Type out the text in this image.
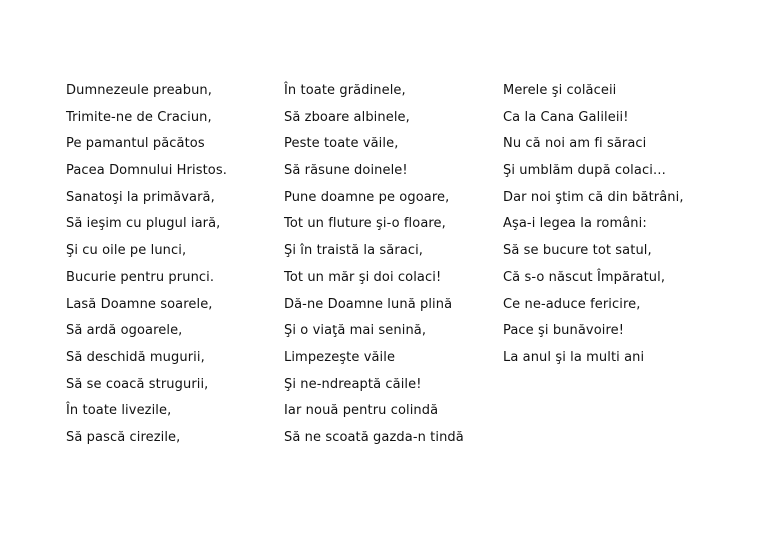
Dumnezeule preabun,
Trimite-ne de Craciun,
Pe pamantul păcătos
Pacea Domnului Hristos.
Sanatoşi la primăvară,
Să ieşim cu plugul iară,
Şi cu oile pe lunci,
Bucurie pentru prunci.
Lasă Doamne soarele,
Să ardă ogoarele,
Să deschidă mugurii,
Să se coacă strugurii,
În toate livezile,
Să pască cirezile,
În toate grădinele,
Să zboare albinele,
Peste toate văile,
Să răsune doinele!
Pune doamne pe ogoare,
Tot un fluture şi-o floare,
Şi în traistă la săraci,
Tot un măr şi doi colaci!
Dă-ne Doamne lună plină
Şi o viaţă mai senină,
Limpezeşte văile
Şi ne-ndreaptă căile!
Iar nouă pentru colindă
Să ne scoată gazda-n tindă
Merele şi colăceii
Ca la Cana Galileii!
Nu că noi am fi săraci
Şi umblăm după colaci…
Dar noi ştim că din bătrâni,
Aşa-i legea la români:
Să se bucure tot satul,
Că s-o născut Împăratul,
Ce ne-aduce fericire,
Pace şi bunăvoire!
La anul şi la multi ani
